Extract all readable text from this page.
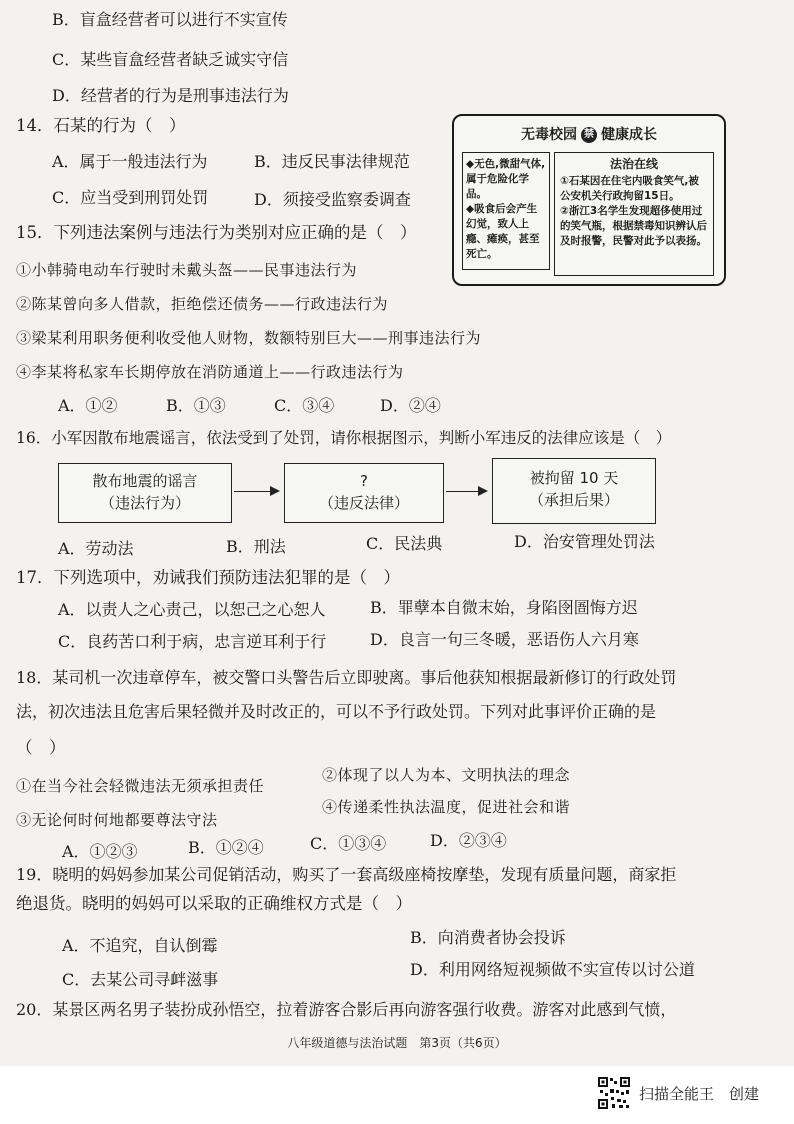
B．盲盒经营者可以进行不实宣传
C．某些盲盒经营者缺乏诚实守信
D．经营者的行为是刑事违法行为
无毒校园 禁 健康成长
◆无色,微甜气体,属于危险化学品。
◆吸食后会产生幻觉，致人上瘾、瘫痪，甚至死亡。
法治在线
①石某因在住宅内吸食笑气,被公安机关行政拘留15日。
②浙江3名学生发现超侈使用过的笑气瓶，根据禁毒知识辨认后及时报警，民警对此予以表扬。
14．石某的行为（　）
A．属于一般违法行为	B．违反民事法律规范
C．应当受到刑罚处罚	D．须接受监察委调查
15．下列违法案例与违法行为类别对应正确的是（　）
①小韩骑电动车行驶时未戴头盔——民事违法行为
②陈某曾向多人借款，拒绝偿还债务——行政违法行为
③梁某利用职务便利收受他人财物，数额特别巨大——刑事违法行为
④李某将私家车长期停放在消防通道上——行政违法行为
A．①②	B．①③	C．③④	D．②④
16．小军因散布地震谣言，依法受到了处罚，请你根据图示，判断小军违反的法律应该是（　）
散布地震的谣言
（违法行为）
?
（违反法律）
被拘留 10 天
（承担后果）
A．劳动法	B．刑法	C．民法典	D．治安管理处罚法
17．下列选项中，劝诫我们预防违法犯罪的是（　）
A．以责人之心责己，以恕己之心恕人	B．罪孽本自微末始，身陷囹圄悔方迟
C．良药苦口利于病，忠言逆耳利于行	D．良言一句三冬暖，恶语伤人六月寒
18．某司机一次违章停车，被交警口头警告后立即驶离。事后他获知根据最新修订的行政处罚
法，初次违法且危害后果轻微并及时改正的，可以不予行政处罚。下列对此事评价正确的是
（　）
①在当今社会轻微违法无须承担责任
②体现了以人为本、文明执法的理念
③无论何时何地都要尊法守法
④传递柔性执法温度，促进社会和谐
A．①②③	B．①②④	C．①③④	D．②③④
19．晓明的妈妈参加某公司促销活动，购买了一套高级座椅按摩垫，发现有质量问题，商家拒
绝退货。晓明的妈妈可以采取的正确维权方式是（　）
A．不追究，自认倒霉	B．向消费者协会投诉
C．去某公司寻衅滋事
D．利用网络短视频做不实宣传以讨公道
20．某景区两名男子装扮成孙悟空，拉着游客合影后再向游客强行收费。游客对此感到气愤，
八年级道德与法治试题　第3页（共6页）
扫描全能王　创建
